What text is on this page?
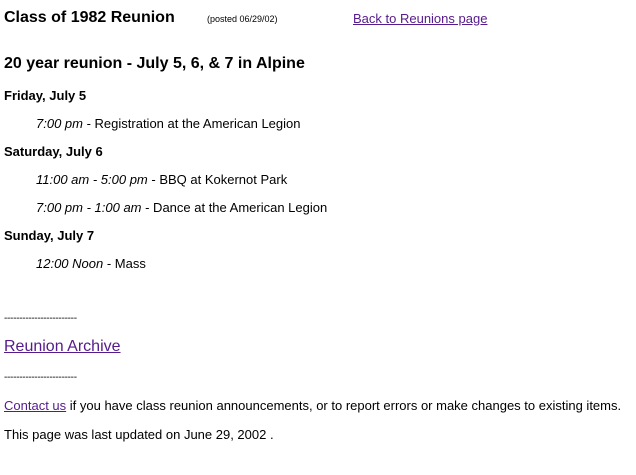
Class of 1982 Reunion	(posted 06/29/02)	Back to Reunions page
20 year reunion - July 5, 6, & 7 in Alpine
Friday, July 5
7:00 pm - Registration at the American Legion
Saturday, July 6
11:00 am - 5:00 pm - BBQ at Kokernot Park
7:00 pm - 1:00 am - Dance at the American Legion
Sunday, July 7
12:00 Noon - Mass
------------------------
Reunion Archive
------------------------
Contact us if you have class reunion announcements, or to report errors or make changes to existing items.
This page was last updated on June 29, 2002 .
